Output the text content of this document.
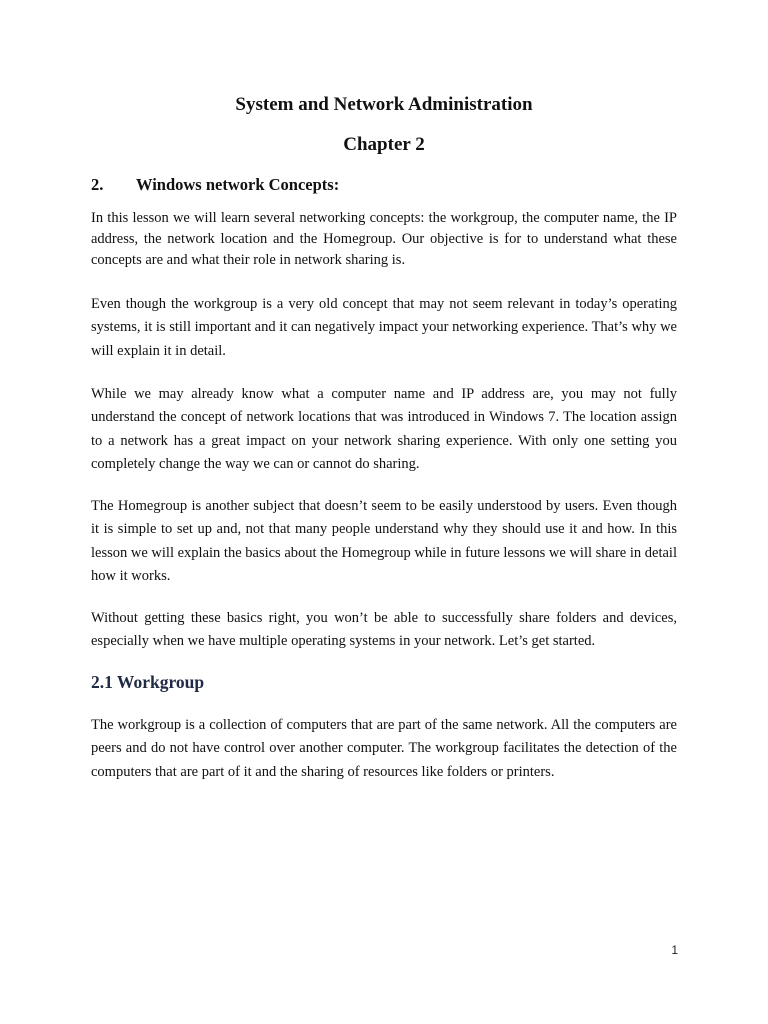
System and Network Administration
Chapter 2
2. Windows network Concepts:

In this lesson we will learn several networking concepts: the workgroup, the computer name, the IP address, the network location and the Homegroup. Our objective is for to understand what these concepts are and what their role in network sharing is.

Even though the workgroup is a very old concept that may not seem relevant in today’s operating systems, it is still important and it can negatively impact your networking experience. That’s why we will explain it in detail.

While we may already know what a computer name and IP address are, you may not fully understand the concept of network locations that was introduced in Windows 7. The location assign to a network has a great impact on your network sharing experience. With only one setting you completely change the way we can or cannot do sharing.

The Homegroup is another subject that doesn’t seem to be easily understood by users. Even though it is simple to set up and, not that many people understand why they should use it and how. In this lesson we will explain the basics about the Homegroup while in future lessons we will share in detail how it works.

Without getting these basics right, you won’t be able to successfully share folders and devices, especially when we have multiple operating systems in your network. Let’s get started.

2.1 Workgroup

The workgroup is a collection of computers that are part of the same network. All the computers are peers and do not have control over another computer. The workgroup facilitates the detection of the computers that are part of it and the sharing of resources like folders or printers.

1
